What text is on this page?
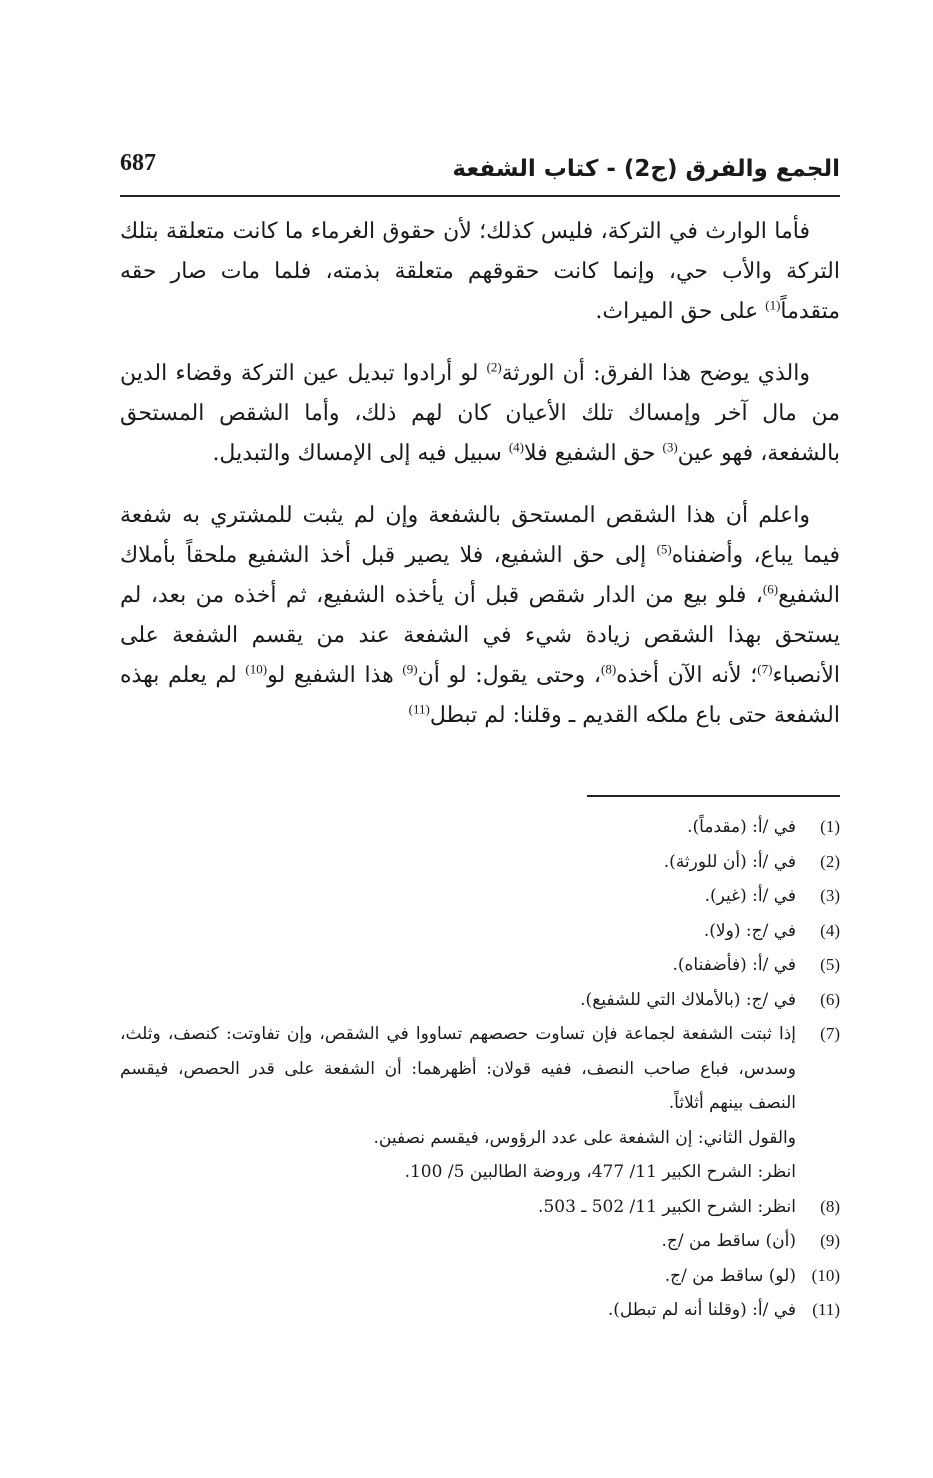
الجمع والفرق (ج2) - كتاب الشفعة
687

فأما الوارث في التركة، فليس كذلك؛ لأن حقوق الغرماء ما كانت متعلقة بتلك التركة والأب حي، وإنما كانت حقوقهم متعلقة بذمته، فلما مات صار حقه متقدماً$^{(1)}$ على حق الميراث.

والذي يوضح هذا الفرق: أن الورثة$^{(2)}$ لو أرادوا تبديل عين التركة وقضاء الدين من مال آخر وإمساك تلك الأعيان كان لهم ذلك، وأما الشقص المستحق بالشفعة، فهو عين$^{(3)}$ حق الشفيع فلا$^{(4)}$ سبيل فيه إلى الإمساك والتبديل.

واعلم أن هذا الشقص المستحق بالشفعة وإن لم يثبت للمشتري به شفعة فيما يباع، وأضفناه$^{(5)}$ إلى حق الشفيع، فلا يصير قبل أخذ الشفيع ملحقاً بأملاك الشفيع$^{(6)}$، فلو بيع من الدار شقص قبل أن يأخذه الشفيع، ثم أخذه من بعد، لم يستحق بهذا الشقص زيادة شيء في الشفعة عند من يقسم الشفعة على الأنصباء$^{(7)}$؛ لأنه الآن أخذه$^{(8)}$، وحتى يقول: لو أن$^{(9)}$ هذا الشفيع لو$^{(10)}$ لم يعلم بهذه الشفعة حتى باع ملكه القديم ـ وقلنا: لم تبطل$^{(11)}$

(1)
في /أ: (مقدماً).
(2)
في /أ: (أن للورثة).
(3)
في /أ: (غير).
(4)
في /ج: (ولا).
(5)
في /أ: (فأضفناه).
(6)
في /ج: (بالأملاك التي للشفيع).
(7)
إذا ثبتت الشفعة لجماعة فإن تساوت حصصهم تساووا في الشقص، وإن تفاوتت: كنصف، وثلث، وسدس، فباع صاحب النصف، ففيه قولان: أظهرهما: أن الشفعة على قدر الحصص، فيقسم النصف بينهم أثلاثاً.
والقول الثاني: إن الشفعة على عدد الرؤوس، فيقسم نصفين.
انظر: الشرح الكبير 11/ 477، وروضة الطالبين 5/ 100.
(8)
انظر: الشرح الكبير 11/ 502 ـ 503.
(9)
(أن) ساقط من /ج.
(10)
(لو) ساقط من /ج.
(11)
في /أ: (وقلنا أنه لم تبطل).
